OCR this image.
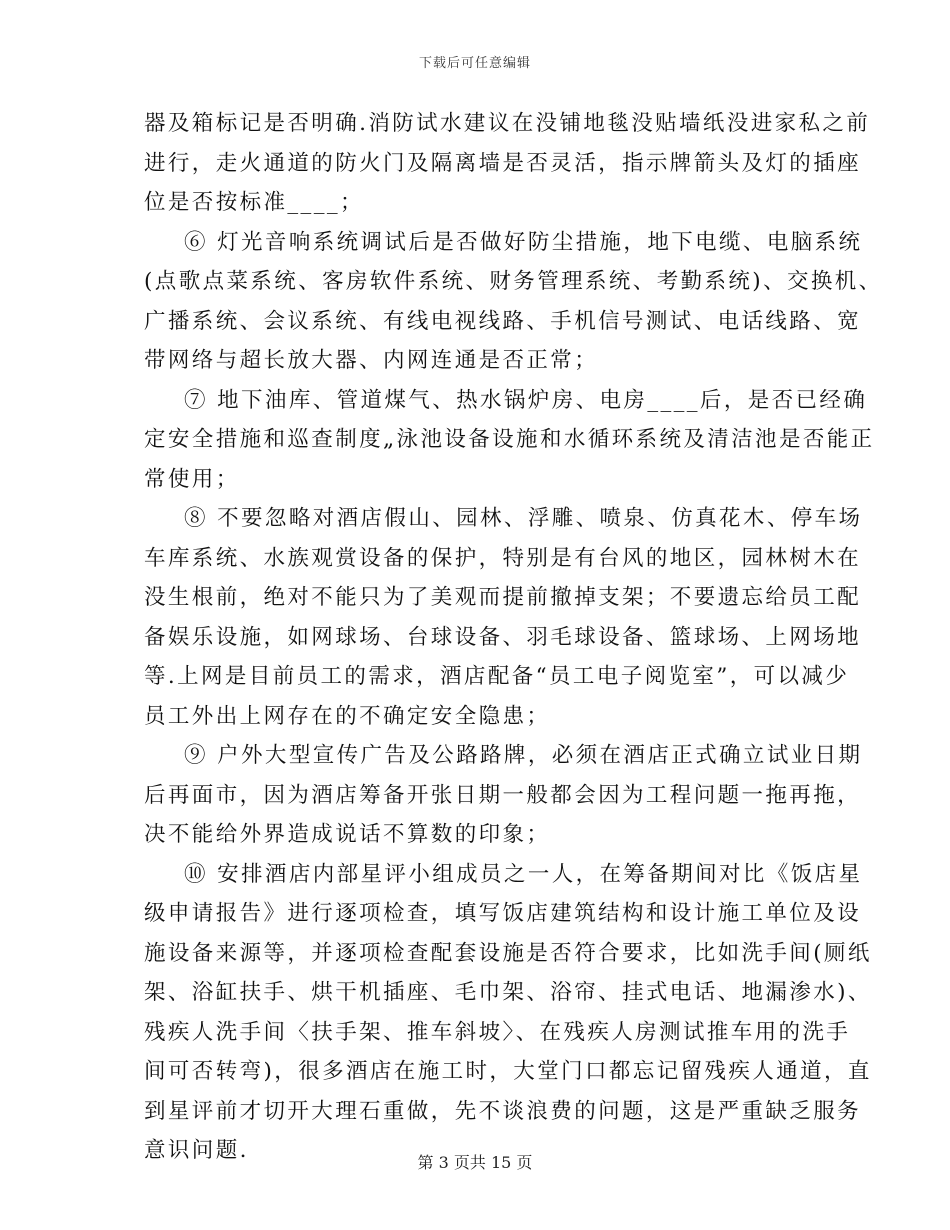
下载后可任意编辑
器及箱标记是否明确.消防试水建议在没铺地毯没贴墙纸没进家私之前
进行，走火通道的防火门及隔离墙是否灵活，指示牌箭头及灯的插座
位是否按标准____；
⑥ 灯光音响系统调试后是否做好防尘措施，地下电缆、电脑系统
(点歌点菜系统、客房软件系统、财务管理系统、考勤系统)、交换机、
广播系统、会议系统、有线电视线路、手机信号测试、电话线路、宽
带网络与超长放大器、内网连通是否正常；
⑦ 地下油库、管道煤气、热水锅炉房、电房____后，是否已经确
定安全措施和巡查制度„泳池设备设施和水循环系统及清洁池是否能正
常使用；
⑧ 不要忽略对酒店假山、园林、浮雕、喷泉、仿真花木、停车场
车库系统、水族观赏设备的保护，特别是有台风的地区，园林树木在
没生根前，绝对不能只为了美观而提前撤掉支架；不要遗忘给员工配
备娱乐设施，如网球场、台球设备、羽毛球设备、篮球场、上网场地
等.上网是目前员工的需求，酒店配备“员工电子阅览室”，可以减少
员工外出上网存在的不确定安全隐患；
⑨ 户外大型宣传广告及公路路牌，必须在酒店正式确立试业日期
后再面市，因为酒店筹备开张日期一般都会因为工程问题一拖再拖，
决不能给外界造成说话不算数的印象；
⑩ 安排酒店内部星评小组成员之一人，在筹备期间对比《饭店星
级申请报告》进行逐项检查，填写饭店建筑结构和设计施工单位及设
施设备来源等，并逐项检查配套设施是否符合要求，比如洗手间(厕纸
架、浴缸扶手、烘干机插座、毛巾架、浴帘、挂式电话、地漏渗水)、
残疾人洗手间〈扶手架、推车斜坡〉、在残疾人房测试推车用的洗手
间可否转弯)，很多酒店在施工时，大堂门口都忘记留残疾人通道，直
到星评前才切开大理石重做，先不谈浪费的问题，这是严重缺乏服务
意识问题.	第 3 页共 15 页
